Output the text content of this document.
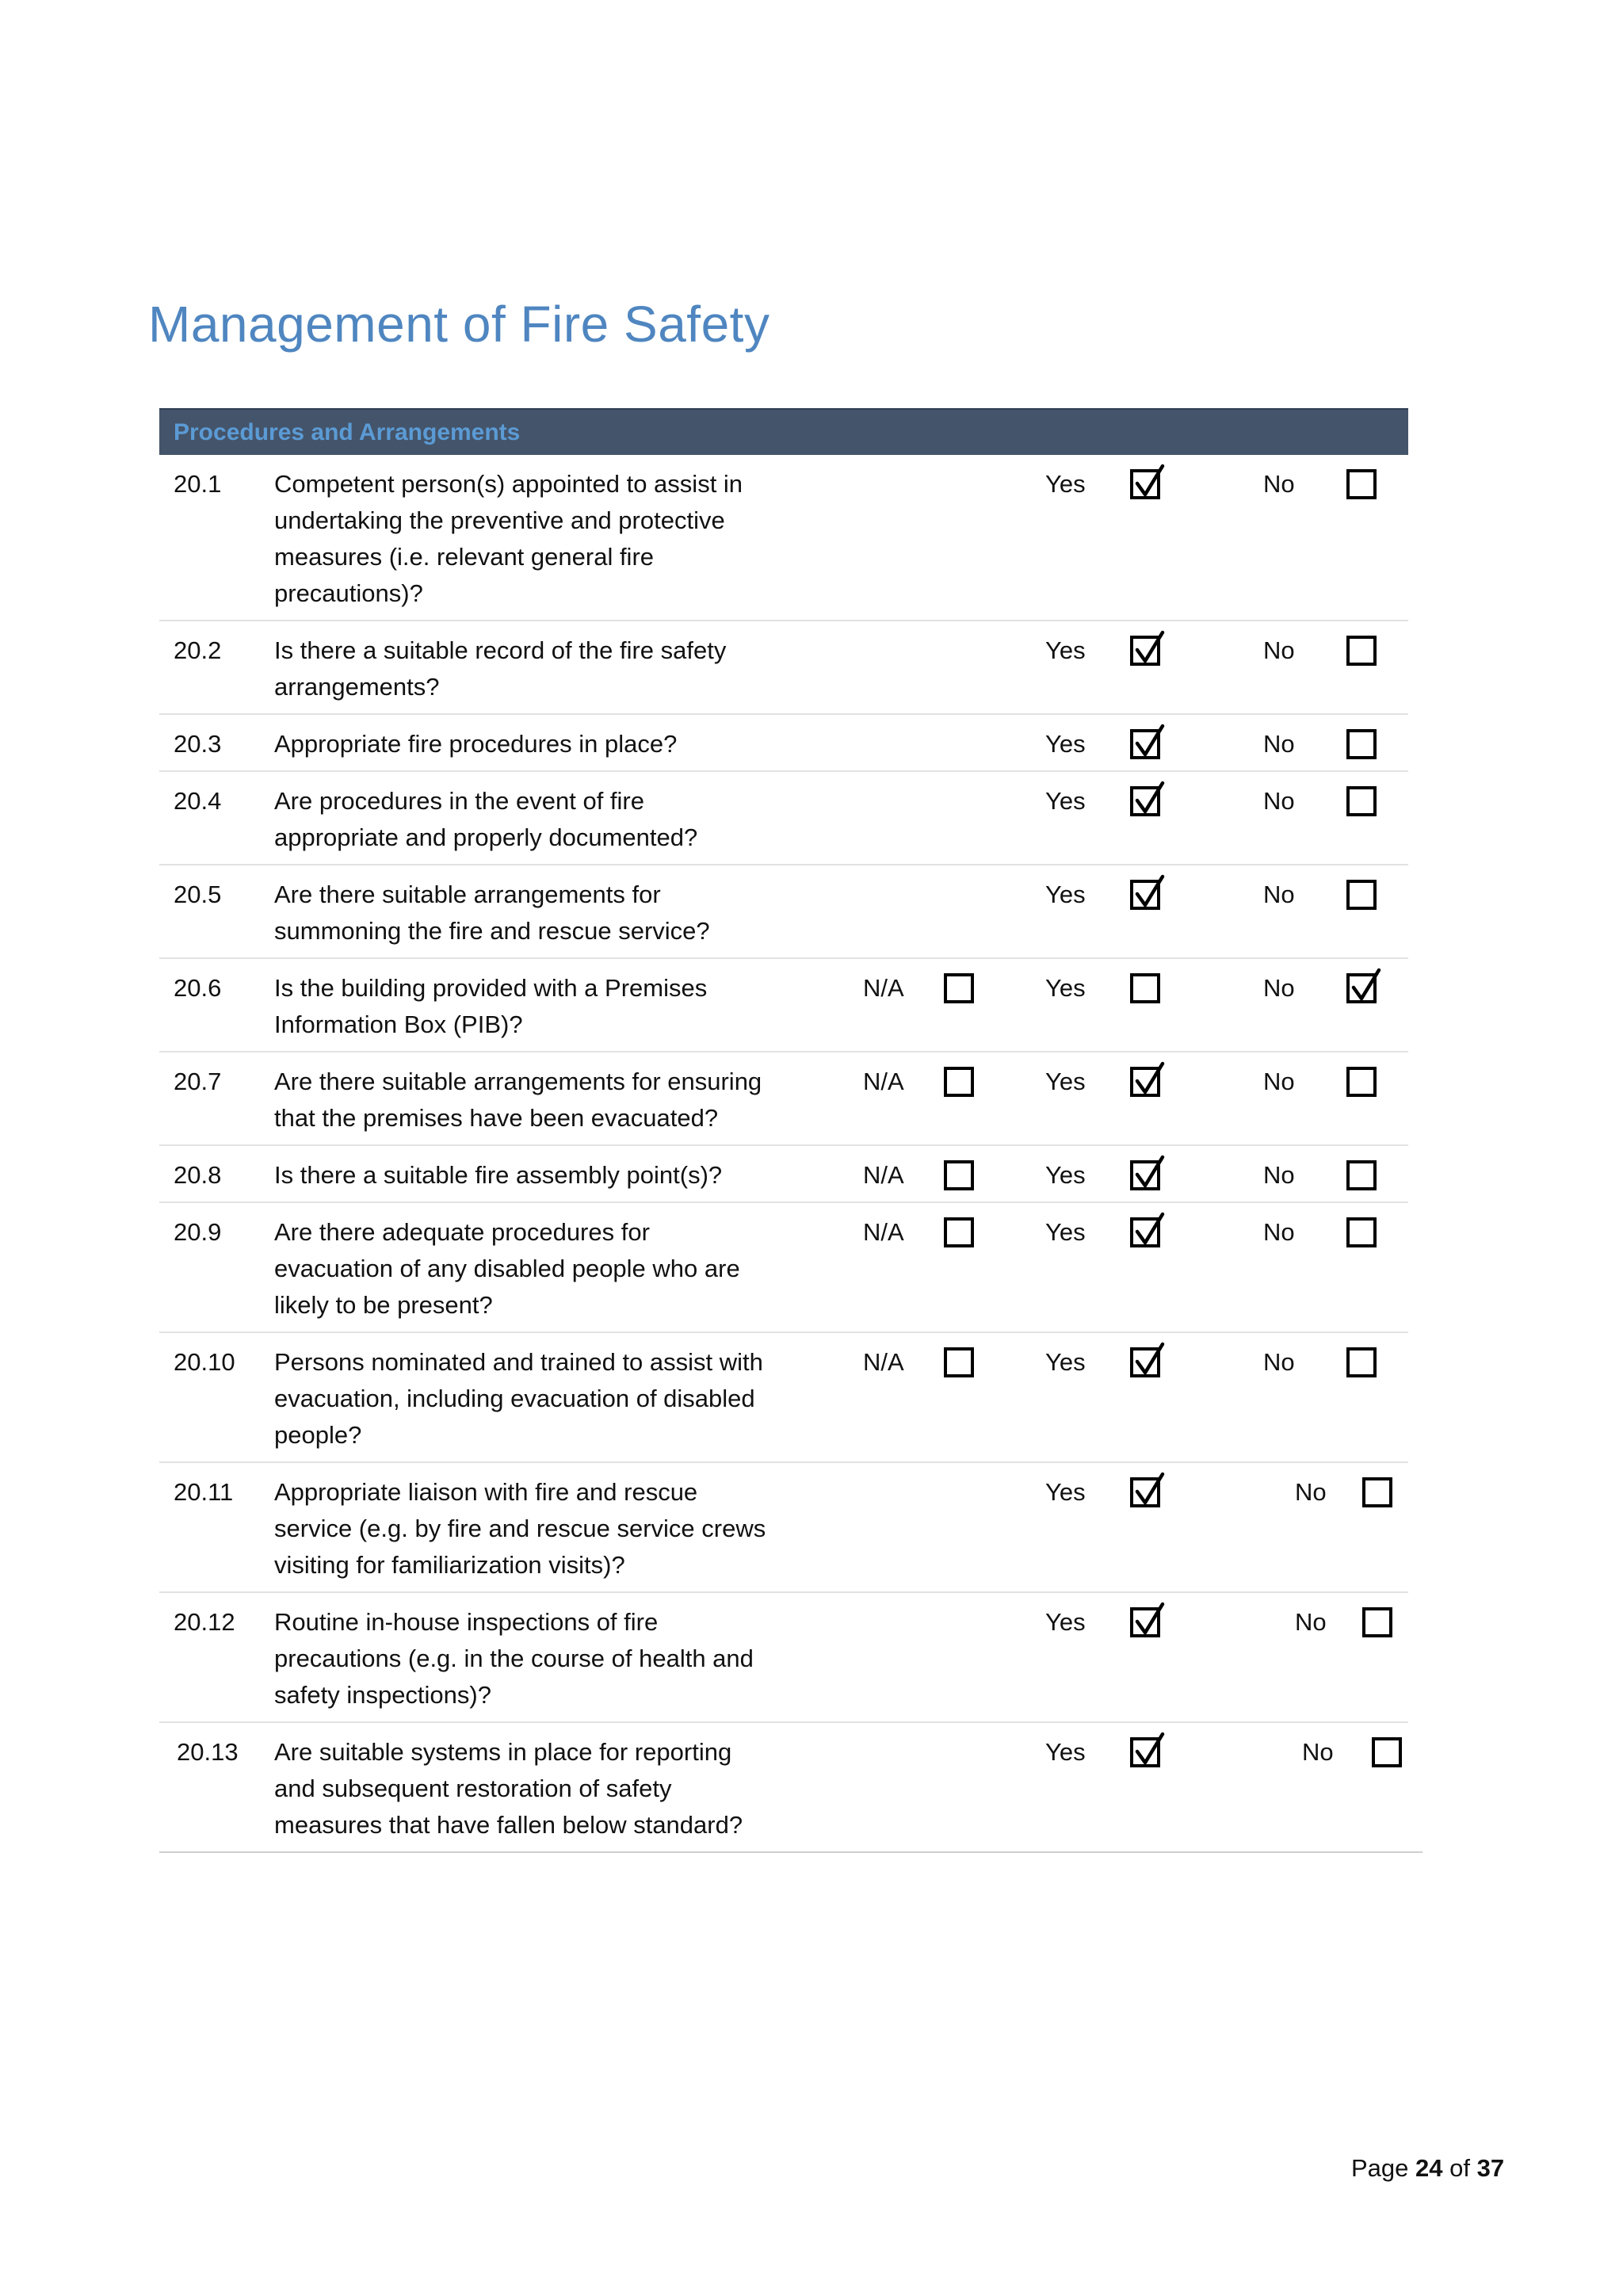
Management of Fire Safety
Procedures and Arrangements
20.1 Competent person(s) appointed to assist in undertaking the preventive and protective measures (i.e. relevant general fire precautions)?
Yes	No
20.2 Is there a suitable record of the fire safety arrangements?
Yes	No
20.3 Appropriate fire procedures in place?	Yes	No
20.4 Are procedures in the event of fire appropriate and properly documented?
Yes	No
20.5 Are there suitable arrangements for summoning the fire and rescue service?
Yes	No
20.6 Is the building provided with a Premises Information Box (PIB)?
N/A	Yes	No
20.7 Are there suitable arrangements for ensuring that the premises have been evacuated?
N/A	Yes	No
20.8 Is there a suitable fire assembly point(s)?	N/A	Yes	No
20.9 Are there adequate procedures for evacuation of any disabled people who are likely to be present?
N/A	Yes	No
20.10 Persons nominated and trained to assist with evacuation, including evacuation of disabled people?
N/A	Yes	No
20.11 Appropriate liaison with fire and rescue service (e.g. by fire and rescue service crews visiting for familiarization visits)?
Yes	No
20.12 Routine in-house inspections of fire precautions (e.g. in the course of health and safety inspections)?
Yes	No
20.13 Are suitable systems in place for reporting and subsequent restoration of safety measures that have fallen below standard?
Yes	No
Page 24 of 37
